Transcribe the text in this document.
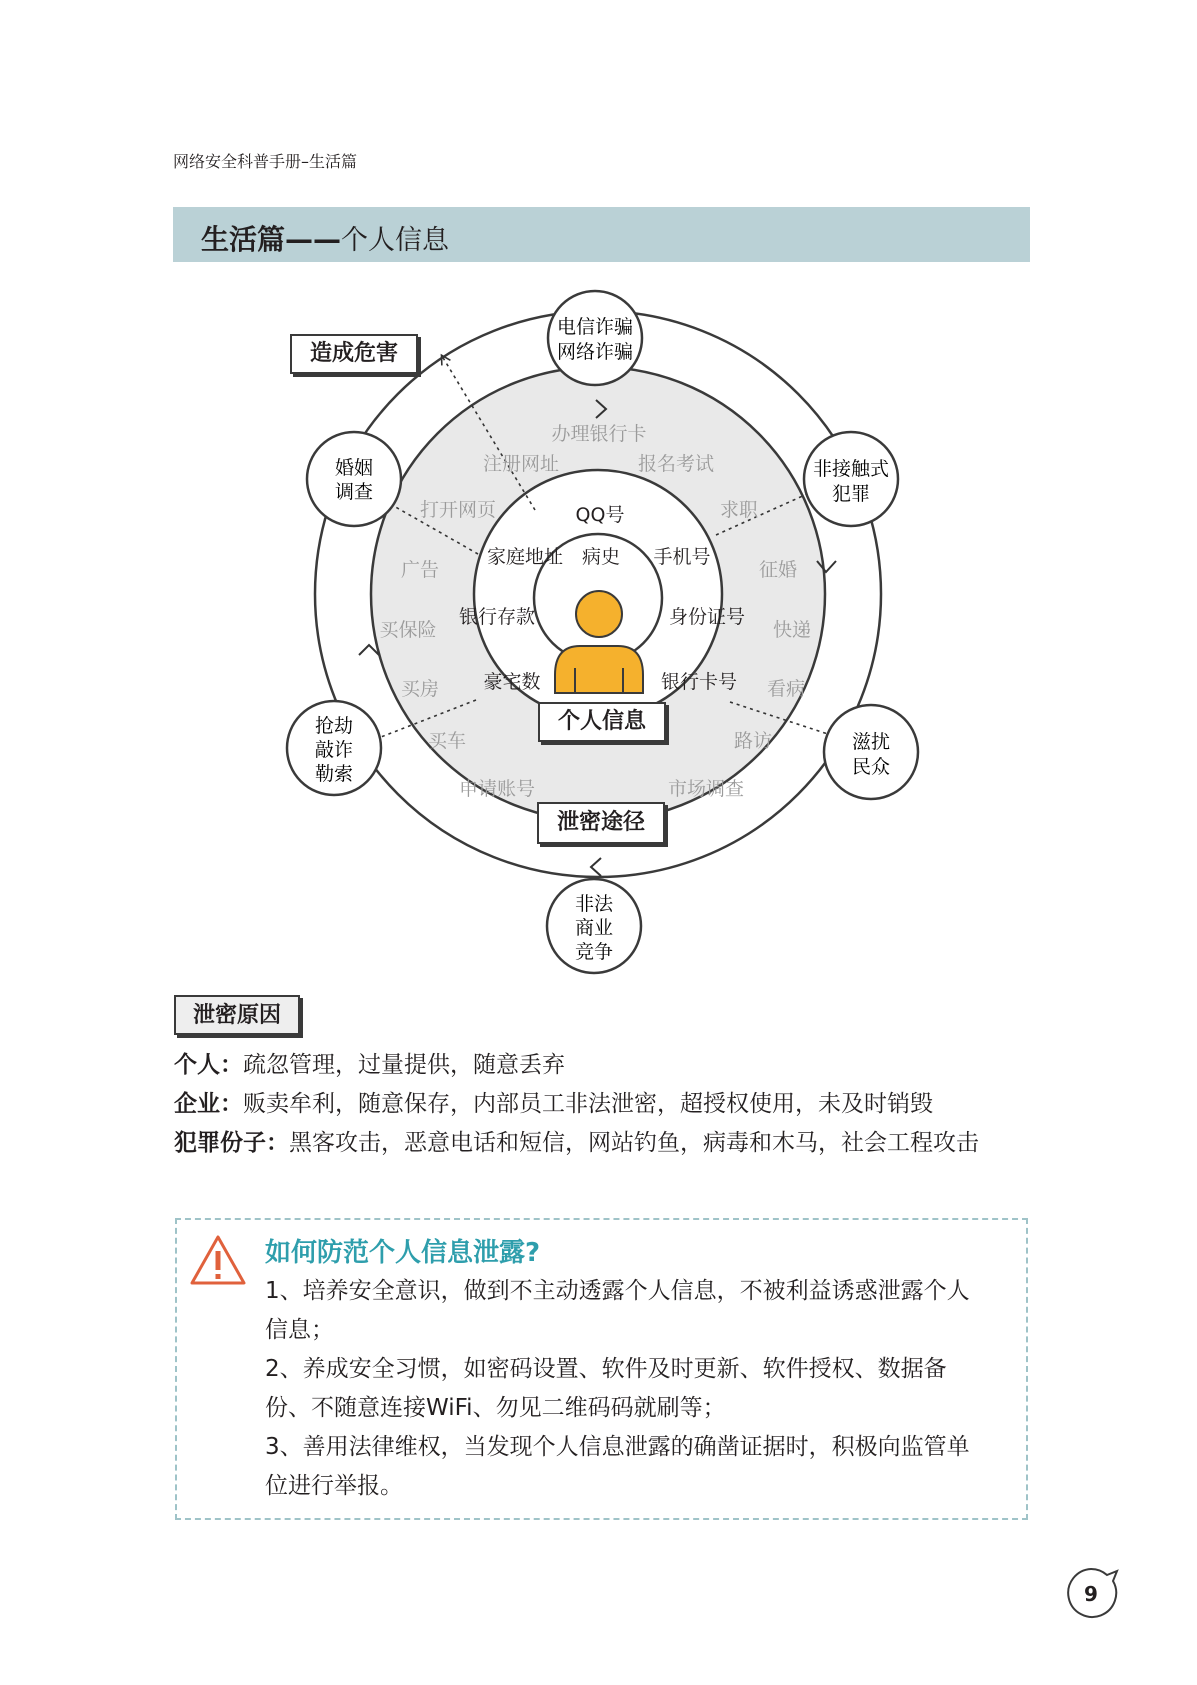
网络安全科普手册–生活篇
生活篇——个人信息
电信诈骗
网络诈骗
非接触式
犯罪
滋扰
民众
非法
商业
竞争
抢劫
敲诈
勒索
婚姻
调查
办理银行卡
注册网址	报名考试
打开网页	求职
广告	征婚
买保险	快递
买房	看病
买车	路访
申请账号	市场调查
QQ号
家庭地址 病史 手机号
银行存款	身份证号
豪宅数	银行卡号
造成危害
个人信息
泄密途径
泄密原因
个人：疏忽管理，过量提供，随意丢弃
企业：贩卖牟利，随意保存，内部员工非法泄密，超授权使用，未及时销毁
犯罪份子：黑客攻击，恶意电话和短信，网站钓鱼，病毒和木马，社会工程攻击
如何防范个人信息泄露?

1、培养安全意识，做到不主动透露个人信息，不被利益诱惑泄露个人信息；

2、养成安全习惯，如密码设置、软件及时更新、软件授权、数据备份、不随意连接WiFi、勿见二维码码就刷等；

3、善用法律维权，当发现个人信息泄露的确凿证据时，积极向监管单位进行举报。

9
